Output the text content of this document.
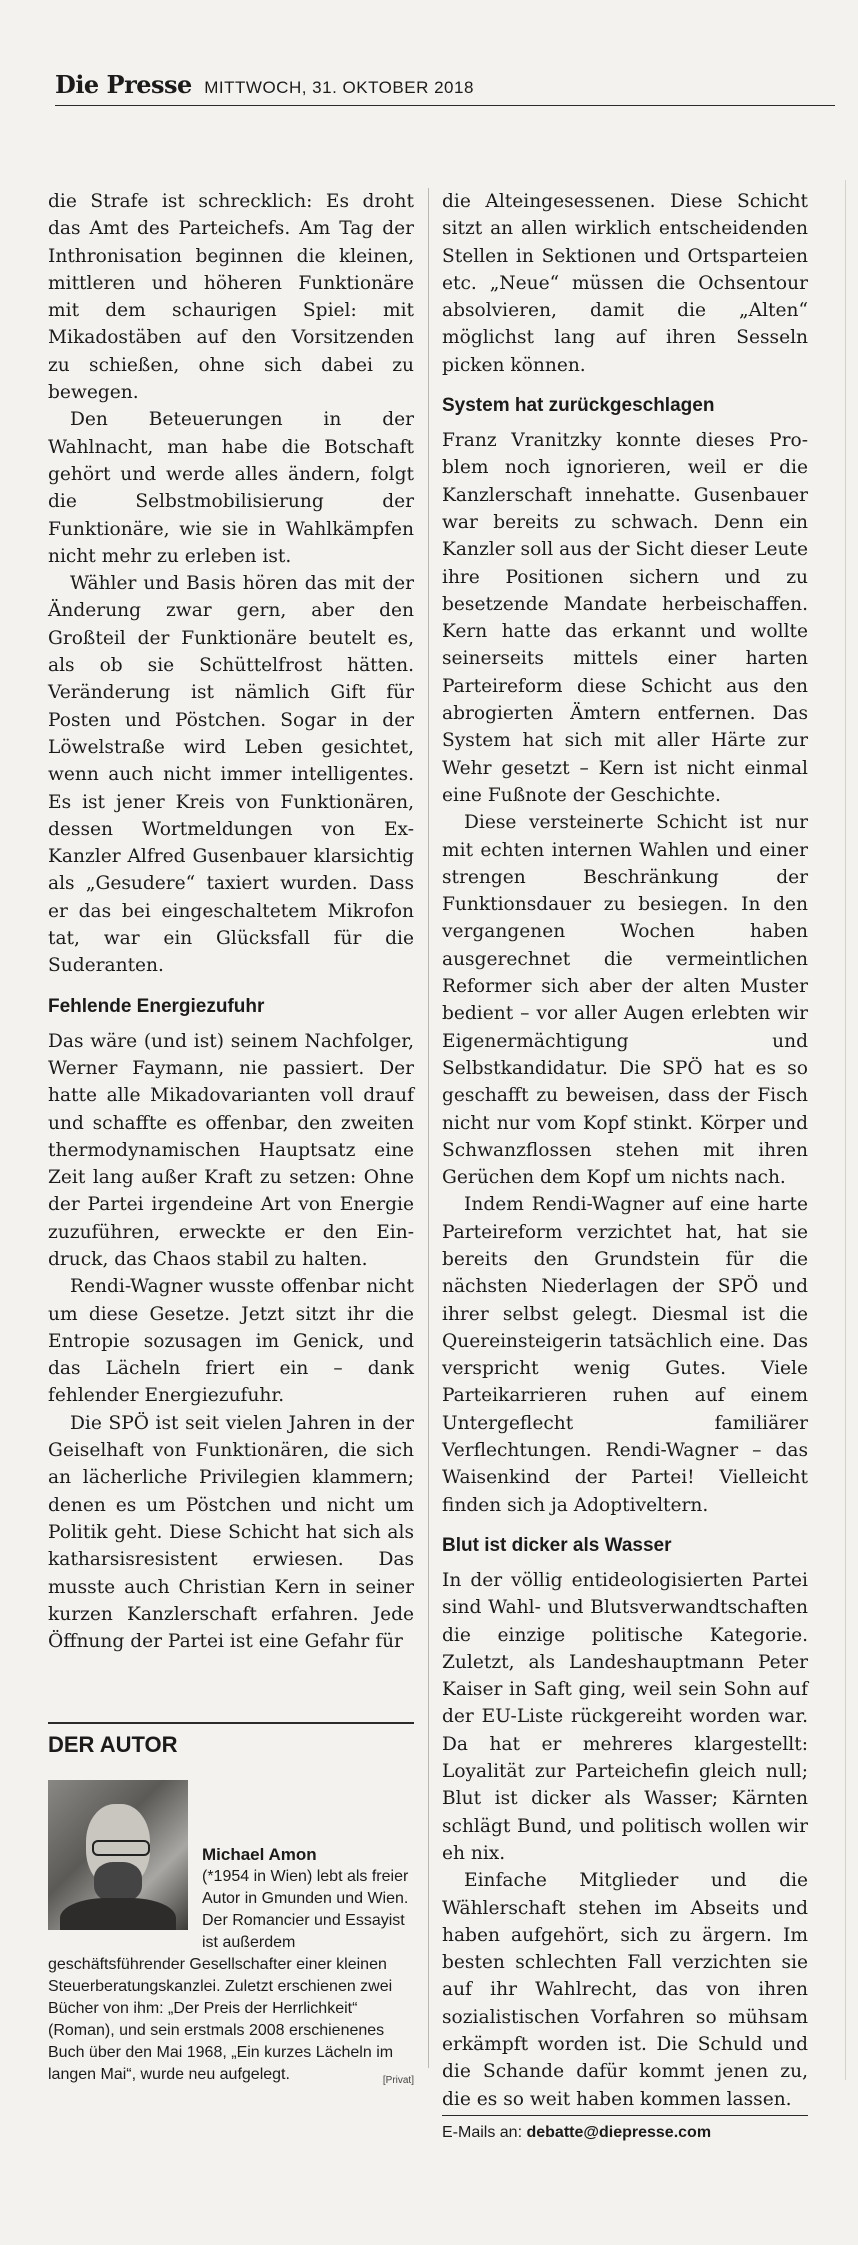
Die Presse MITTWOCH, 31. OKTOBER 2018

die Strafe ist schrecklich: Es droht das Amt des Parteichefs. Am Tag der Inthronisation beginnen die kleinen, mittleren und höheren Funktionäre mit dem schaurigen Spiel: mit Mikadostäben auf den Vorsitzenden zu schießen, ohne sich dabei zu bewegen.

Den Beteuerungen in der Wahlnacht, man habe die Botschaft gehört und werde alles ändern, folgt die Selbstmobilisierung der Funktionäre, wie sie in Wahlkämpfen nicht mehr zu erleben ist.

Wähler und Basis hören das mit der Änderung zwar gern, aber den Großteil der Funktionäre beutelt es, als ob sie Schüttelfrost hätten. Veränderung ist nämlich Gift für Posten und Pöstchen. Sogar in der Löwelstraße wird Leben gesichtet, wenn auch nicht immer intelligentes. Es ist jener Kreis von Funktionären, dessen Wortmeldungen von Ex-Kanzler Alfred Gusenbauer klarsichtig als „Gesudere“ taxiert wurden. Dass er das bei eingeschaltetem Mikrofon tat, war ein Glücksfall für die Suderanten.

Fehlende Energiezufuhr

Das wäre (und ist) seinem Nachfolger, Werner Faymann, nie passiert. Der hatte alle Mikadovarianten voll drauf und schaffte es offenbar, den zweiten thermodynamischen Hauptsatz eine Zeit lang außer Kraft zu setzen: Ohne der Partei irgendeine Art von Energie zuzuführen, erweckte er den Eindruck, das Chaos stabil zu halten.

Rendi-Wagner wusste offenbar nicht um diese Gesetze. Jetzt sitzt ihr die Entropie sozusagen im Genick, und das Lächeln friert ein – dank fehlender Energiezufuhr.

Die SPÖ ist seit vielen Jahren in der Geiselhaft von Funktionären, die sich an lächerliche Privilegien klammern; denen es um Pöstchen und nicht um Politik geht. Diese Schicht hat sich als katharsisresistent erwiesen. Das musste auch Christian Kern in seiner kurzen Kanzlerschaft erfahren. Jede Öffnung der Partei ist eine Gefahr für

DER AUTOR
Michael Amon
(*1954 in Wien) lebt als freier Autor in Gmunden und Wien. Der Romancier und Essayist ist außerdem geschäftsführender Gesellschafter einer kleinen Steuerberatungskanzlei. Zuletzt erschienen zwei Bücher von ihm: „Der Preis der Herrlichkeit“ (Roman), und sein erstmals 2008 erschienenes Buch über den Mai 1968, „Ein kurzes Lächeln im langen Mai“, wurde neu aufgelegt.	[Privat]

die Alteingesessenen. Diese Schicht sitzt an allen wirklich entscheidenden Stellen in Sektionen und Ortsparteien etc. „Neue“ müssen die Ochsentour absolvieren, damit die „Alten“ möglichst lang auf ihren Sesseln picken können.

System hat zurückgeschlagen

Franz Vranitzky konnte dieses Problem noch ignorieren, weil er die Kanzlerschaft innehatte. Gusenbauer war bereits zu schwach. Denn ein Kanzler soll aus der Sicht dieser Leute ihre Positionen sichern und zu besetzende Mandate herbeischaffen. Kern hatte das erkannt und wollte seinerseits mittels einer harten Parteireform diese Schicht aus den abrogierten Ämtern entfernen. Das System hat sich mit aller Härte zur Wehr gesetzt – Kern ist nicht einmal eine Fußnote der Geschichte.

Diese versteinerte Schicht ist nur mit echten internen Wahlen und einer strengen Beschränkung der Funktionsdauer zu besiegen. In den vergangenen Wochen haben ausgerechnet die vermeintlichen Reformer sich aber der alten Muster bedient – vor aller Augen erlebten wir Eigenermächtigung und Selbstkandidatur. Die SPÖ hat es so geschafft zu beweisen, dass der Fisch nicht nur vom Kopf stinkt. Körper und Schwanzflossen stehen mit ihren Gerüchen dem Kopf um nichts nach.

Indem Rendi-Wagner auf eine harte Parteireform verzichtet hat, hat sie bereits den Grundstein für die nächsten Niederlagen der SPÖ und ihrer selbst gelegt. Diesmal ist die Quereinsteigerin tatsächlich eine. Das verspricht wenig Gutes. Viele Parteikarrieren ruhen auf einem Untergeflecht familiärer Verflechtungen. Rendi-Wagner – das Waisenkind der Partei! Vielleicht finden sich ja Adoptiveltern.

Blut ist dicker als Wasser

In der völlig entideologisierten Partei sind Wahl- und Blutsverwandtschaften die einzige politische Kategorie. Zuletzt, als Landeshauptmann Peter Kaiser in Saft ging, weil sein Sohn auf der EU-Liste rückgereiht worden war. Da hat er mehreres klargestellt: Loyalität zur Parteichefin gleich null; Blut ist dicker als Wasser; Kärnten schlägt Bund, und politisch wollen wir eh nix.

Einfache Mitglieder und die Wählerschaft stehen im Abseits und haben aufgehört, sich zu ärgern. Im besten schlechten Fall verzichten sie auf ihr Wahlrecht, das von ihren sozialistischen Vorfahren so mühsam erkämpft worden ist. Die Schuld und die Schande dafür kommt jenen zu, die es so weit haben kommen lassen.

E-Mails an: debatte@diepresse.com
